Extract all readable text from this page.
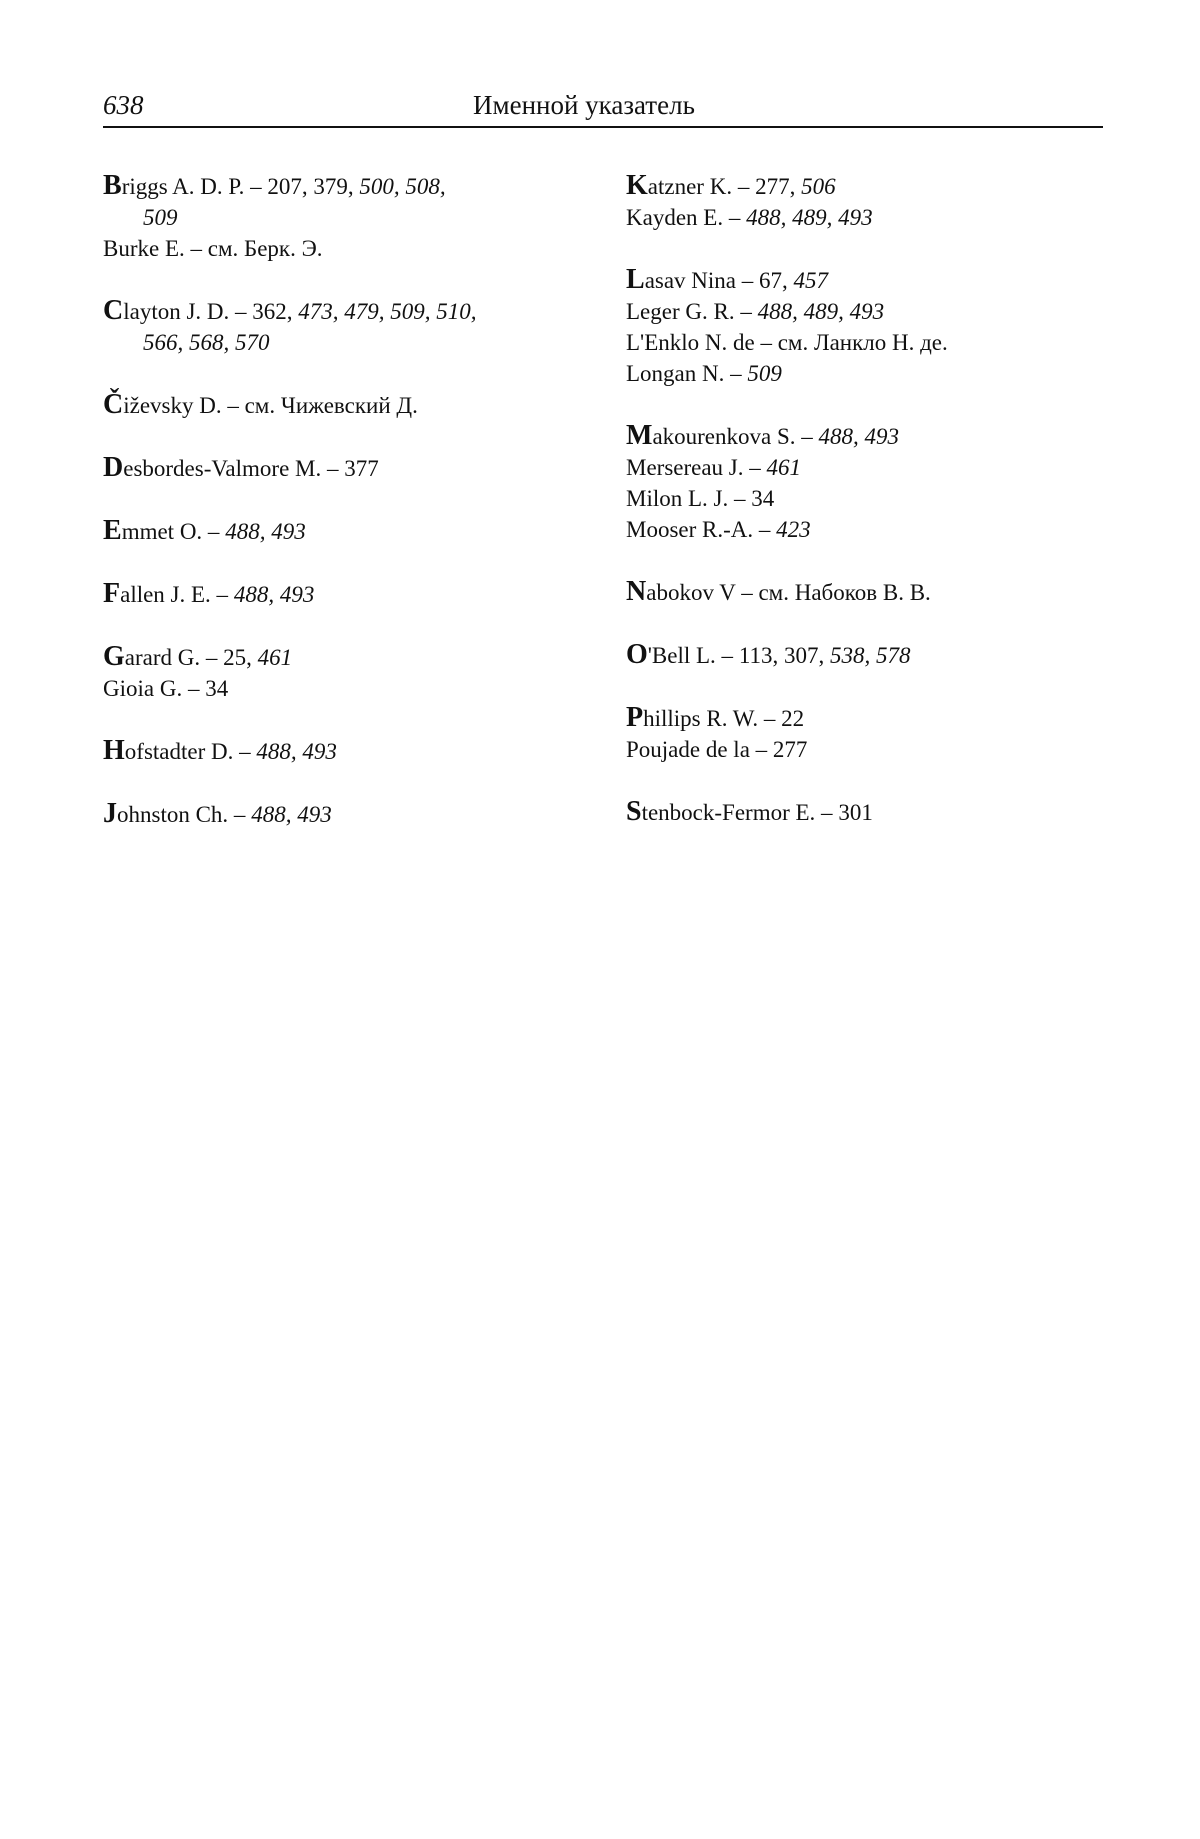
638	Именной указатель
Briggs A. D. P. – 207, 379, 500, 508,
509
Burke E. – см. Берк. Э.
Clayton J. D. – 362, 473, 479, 509, 510,
566, 568, 570
Čiževsky D. – см. Чижевский Д.
Desbordes-Valmore M. – 377
Emmet O. – 488, 493
Fallen J. E. – 488, 493
Garard G. – 25, 461
Gioia G. – 34
Hofstadter D. – 488, 493
Johnston Ch. – 488, 493
Katzner K. – 277, 506
Kayden E. – 488, 489, 493
Lasav Nina – 67, 457
Leger G. R. – 488, 489, 493
L'Enklo N. de – см. Ланкло Н. де.
Longan N. – 509
Makourenkova S. – 488, 493
Mersereau J. – 461
Milon L. J. – 34
Mooser R.-A. – 423
Nabokov V – см. Набоков В. В.
O'Bell L. – 113, 307, 538, 578
Phillips R. W. – 22
Poujade de la – 277
Stenbock-Fermor E. – 301
